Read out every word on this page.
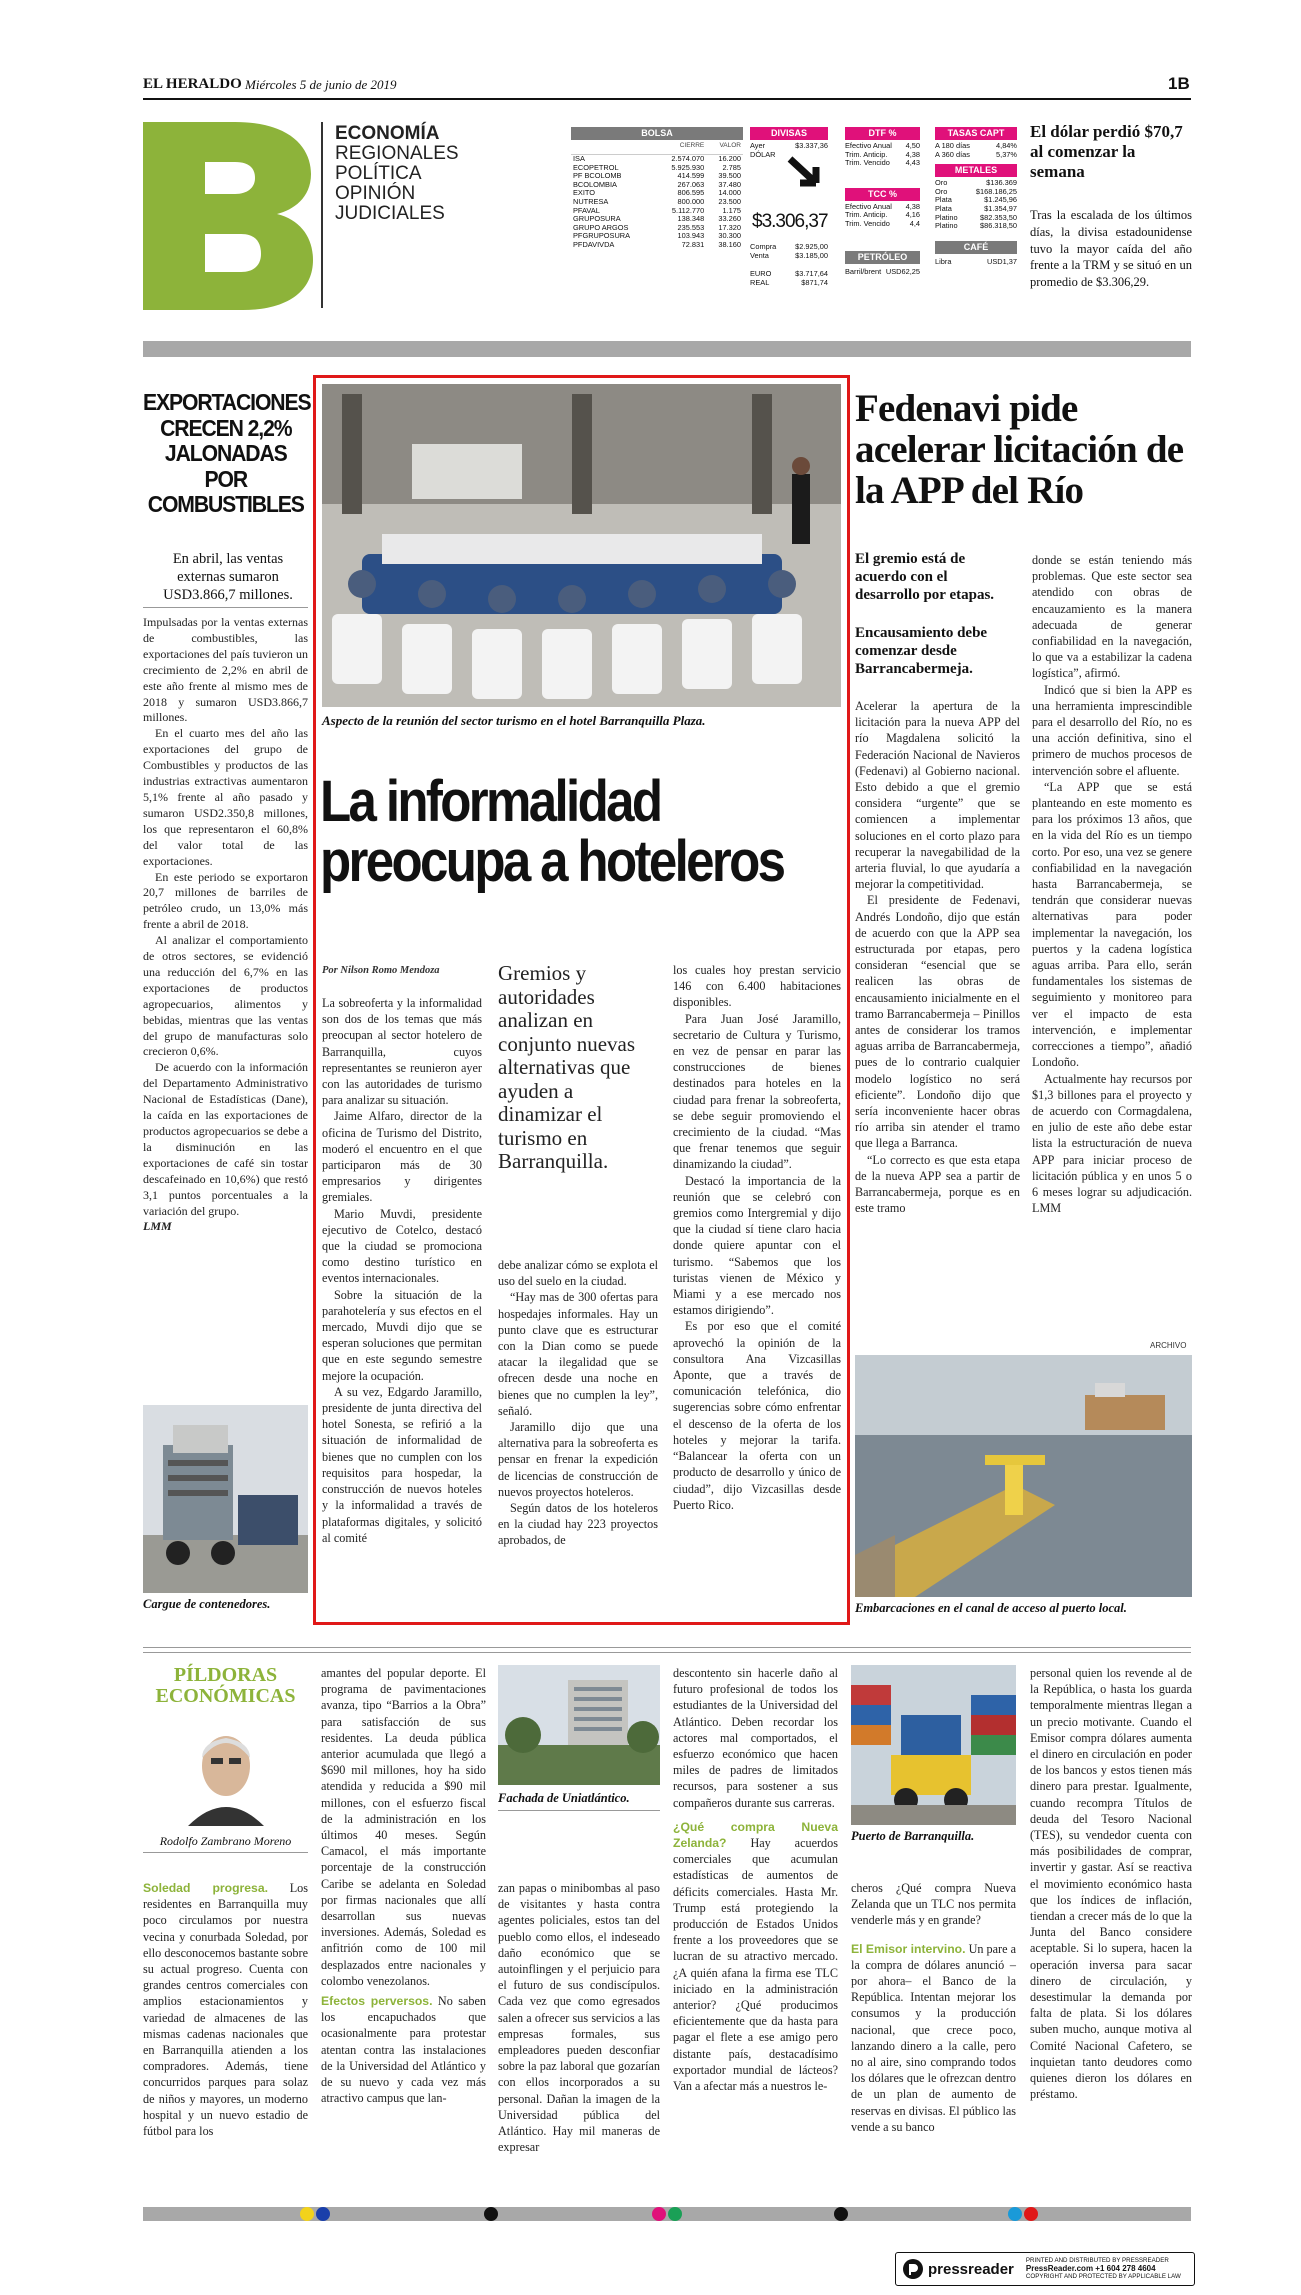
EL HERALDO Miércoles 5 de junio de 2019	1B
ECONOMÍA
REGIONALES
POLÍTICA
OPINIÓN
JUDICIALES
BOLSA
	CIERRE	VALOR

ISA	2.574.070	16.200
ECOPETROL	5.925.930	2.785
PF BCOLOMB	414.599	39.500
BCOLOMBIA	267.063	37.480
EXITO	806.595	14.000
NUTRESA	800.000	23.500
PFAVAL	5.112.770	1.175
GRUPOSURA	138.348	33.260
GRUPO ARGOS	235.553	17.320
PFGRUPOSURA	103.943	30.300
PFDAVIVDA	72.831	38.160
DIVISAS
Ayer	$3.337,36
DÓLAR
$3.306,37
Compra	$2.925,00
Venta	$3.185,00
EURO	$3.717,64
REAL	$871,74
DTF %
Efectivo Anual 4,50
Trim. Anticip. 4,38
Trim. Vencido 4,43
TCC %
Efectivo Anual 4,38
Trim. Anticip. 4,16
Trim. Vencido	4,4
PETRÓLEO
Barril/brent USD62,25
TASAS CAPT
A 180 días	4,84%
A 360 días	5,37%
METALES
Oro	$136.369
Oro	$168.186,25
Plata	$1.245,96
Plata	$1.354,97
Platino	$82.353,50
Platino	$86.318,50
CAFÉ
Libra	USD1,37
El dólar perdió $70,7 al comenzar la semana
Tras la escalada de los últimos días, la divisa estadounidense tuvo la mayor caída del año frente a la TRM y se situó en un promedio de $3.306,29.
EXPORTACIONES CRECEN 2,2% JALONADAS POR COMBUSTIBLES
En abril, las ventas externas sumaron USD3.866,7 millones.

Impulsadas por la ventas externas de combustibles, las exportaciones del país tuvieron un crecimiento de 2,2% en abril de este año frente al mismo mes de 2018 y sumaron USD3.866,7 millones.

En el cuarto mes del año las exportaciones del grupo de Combustibles y productos de las industrias extractivas aumentaron 5,1% frente al año pasado y sumaron USD2.350,8 millones, los que representaron el 60,8% del valor total de las exportaciones.

En este periodo se exportaron 20,7 millones de barriles de petróleo crudo, un 13,0% más frente a abril de 2018.

Al analizar el comportamiento de otros sectores, se evidenció una reducción del 6,7% en las exportaciones de productos agropecuarios, alimentos y bebidas, mientras que las ventas del grupo de manufacturas solo crecieron 0,6%.

De acuerdo con la información del Departamento Administrativo Nacional de Estadísticas (Dane), la caída en las exportaciones de productos agropecuarios se debe a la disminución en las exportaciones de café sin tostar descafeinado en 10,6%) que restó 3,1 puntos porcentuales a la variación del grupo.

LMM

Cargue de contenedores.
Aspecto de la reunión del sector turismo en el hotel Barranquilla Plaza.
La informalidad preocupa a hoteleros
Por Nilson Romo Mendoza

La sobreoferta y la informalidad son dos de los temas que más preocupan al sector hotelero de Barranquilla, cuyos representantes se reunieron ayer con las autoridades de turismo para analizar su situación.

Jaime Alfaro, director de la oficina de Turismo del Distrito, moderó el encuentro en el que participaron más de 30 empresarios y dirigentes gremiales.

Mario Muvdi, presidente ejecutivo de Cotelco, destacó que la ciudad se promociona como destino turístico en eventos internacionales.

Sobre la situación de la parahotelería y sus efectos en el mercado, Muvdi dijo que se esperan soluciones que permitan que en este segundo semestre mejore la ocupación.

A su vez, Edgardo Jaramillo, presidente de junta directiva del hotel Sonesta, se refirió a la situación de informalidad de bienes que no cumplen con los requisitos para hospedar, la construcción de nuevos hoteles y la informalidad a través de plataformas digitales, y solicitó al comité

Gremios y autoridades analizan en conjunto nuevas alternativas que ayuden a dinamizar el turismo en Barranquilla.

debe analizar cómo se explota el uso del suelo en la ciudad.

“Hay mas de 300 ofertas para hospedajes informales. Hay un punto clave que es estructurar con la Dian como se puede atacar la ilegalidad que se ofrecen desde una noche en bienes que no cumplen la ley”, señaló.

Jaramillo dijo que una alternativa para la sobreoferta es pensar en frenar la expedición de licencias de construcción de nuevos proyectos hoteleros.

Según datos de los hoteleros en la ciudad hay 223 proyectos aprobados, de

los cuales hoy prestan servicio 146 con 6.400 habitaciones disponibles.

Para Juan José Jaramillo, secretario de Cultura y Turismo, en vez de pensar en parar las construcciones de bienes destinados para hoteles en la ciudad para frenar la sobreoferta, se debe seguir promoviendo el crecimiento de la ciudad. “Mas que frenar tenemos que seguir dinamizando la ciudad”.

Destacó la importancia de la reunión que se celebró con gremios como Intergremial y dijo que la ciudad sí tiene claro hacia donde quiere apuntar con el turismo. “Sabemos que los turistas vienen de México y Miami y a ese mercado nos estamos dirigiendo”.

Es por eso que el comité aprovechó la opinión de la consultora Ana Vizcasillas Aponte, que a través de comunicación telefónica, dio sugerencias sobre cómo enfrentar el descenso de la oferta de los hoteles y mejorar la tarifa. “Balancear la oferta con un producto de desarrollo y único de ciudad”, dijo Vizcasillas desde Puerto Rico.

Fedenavi pide acelerar licitación de la APP del Río
El gremio está de acuerdo con el desarrollo por etapas.
Encausamiento debe comenzar desde Barrancabermeja.

Acelerar la apertura de la licitación para la nueva APP del río Magdalena solicitó la Federación Nacional de Navieros (Fedenavi) al Gobierno nacional. Esto debido a que el gremio considera “urgente” que se comiencen a implementar soluciones en el corto plazo para recuperar la navegabilidad de la arteria fluvial, lo que ayudaría a mejorar la competitividad.

El presidente de Fedenavi, Andrés Londoño, dijo que están de acuerdo con que la APP sea estructurada por etapas, pero consideran “esencial que se realicen las obras de encausamiento inicialmente en el tramo Barrancabermeja – Pinillos antes de considerar los tramos aguas arriba de Barrancabermeja, pues de lo contrario cualquier modelo logístico no será eficiente”. Londoño dijo que sería inconveniente hacer obras río arriba sin atender el tramo que llega a Barranca.

“Lo correcto es que esta etapa de la nueva APP sea a partir de Barrancabermeja, porque es en este tramo

donde se están teniendo más problemas. Que este sector sea atendido con obras de encauzamiento es la manera adecuada de generar confiabilidad en la navegación, lo que va a estabilizar la cadena logística”, afirmó.

Indicó que si bien la APP es una herramienta imprescindible para el desarrollo del Río, no es una acción definitiva, sino el primero de muchos procesos de intervención sobre el afluente.

“La APP que se está planteando en este momento es para los próximos 13 años, que en la vida del Río es un tiempo corto. Por eso, una vez se genere confiabilidad en la navegación hasta Barrancabermeja, se tendrán que considerar nuevas alternativas para poder implementar la navegación, los puertos y la cadena logística aguas arriba. Para ello, serán fundamentales los sistemas de seguimiento y monitoreo para ver el impacto de esta intervención, e implementar correcciones a tiempo”, añadió Londoño.

Actualmente hay recursos por $1,3 billones para el proyecto y de acuerdo con Cormagdalena, en julio de este año debe estar lista la estructuración de nueva APP para iniciar proceso de licitación pública y en unos 5 o 6 meses lograr su adjudicación. LMM

ARCHIVO
Embarcaciones en el canal de acceso al puerto local.
PÍLDORAS
ECONÓMICAS
Rodolfo Zambrano Moreno
Soledad progresa. Los residentes en Barranquilla muy poco circulamos por nuestra vecina y conurbada Soledad, por ello desconocemos bastante sobre su actual progreso. Cuenta con grandes centros comerciales con amplios estacionamientos y variedad de almacenes de las mismas cadenas nacionales que en Barranquilla atienden a los compradores. Además, tiene concurridos parques para solaz de niños y mayores, un moderno hospital y un nuevo estadio de fútbol para los
amantes del popular deporte. El programa de pavimentaciones avanza, tipo “Barrios a la Obra” para satisfacción de sus residentes. La deuda pública anterior acumulada que llegó a $690 mil millones, hoy ha sido atendida y reducida a $90 mil millones, con el esfuerzo fiscal de la administración en los últimos 40 meses. Según Camacol, el más importante porcentaje de la construcción Caribe se adelanta en Soledad por firmas nacionales que allí desarrollan sus nuevas inversiones. Además, Soledad es anfitrión como de 100 mil desplazados entre nacionales y colombo venezolanos.
Efectos perversos. No saben los encapuchados que ocasionalmente para protestar atentan contra las instalaciones de la Universidad del Atlántico y de su nuevo y cada vez más atractivo campus que lan-
Fachada de Uniatlántico.
zan papas o minibombas al paso de visitantes y hasta contra agentes policiales, estos tan del pueblo como ellos, el indeseado daño económico que se autoinflingen y el perjuicio para el futuro de sus condiscípulos. Cada vez que como egresados salen a ofrecer sus servicios a las empresas formales, sus empleadores pueden desconfiar sobre la paz laboral que gozarían con ellos incorporados a su personal. Dañan la imagen de la Universidad pública del Atlántico. Hay mil maneras de expresar
descontento sin hacerle daño al futuro profesional de todos los estudiantes de la Universidad del Atlántico. Deben recordar los actores mal comportados, el esfuerzo económico que hacen miles de padres de limitados recursos, para sostener a sus compañeros durante sus carreras.
¿Qué compra Nueva Zelanda? Hay acuerdos comerciales que acumulan estadísticas de aumentos de déficits comerciales. Hasta Mr. Trump está protegiendo la producción de Estados Unidos frente a los proveedores que se lucran de su atractivo mercado. ¿A quién afana la firma ese TLC iniciado en la administración anterior? ¿Qué producimos eficientemente que da hasta para pagar el flete a ese amigo pero distante país, destacadísimo exportador mundial de lácteos? Van a afectar más a nuestros le-
Puerto de Barranquilla.
cheros ¿Qué compra Nueva Zelanda que un TLC nos permita venderle más y en grande?
El Emisor intervino. Un pare a la compra de dólares anunció –por ahora– el Banco de la República. Intentan mejorar los consumos y la producción nacional, que crece poco, lanzando dinero a la calle, pero no al aire, sino comprando todos los dólares que le ofrezcan dentro de un plan de aumento de reservas en divisas. El público las vende a su banco
personal quien los revende al de la República, o hasta los guarda temporalmente mientras llegan a un precio motivante. Cuando el Emisor compra dólares aumenta el dinero en circulación en poder de los bancos y estos tienen más dinero para prestar. Igualmente, cuando recompra Títulos de deuda del Tesoro Nacional (TES), su vendedor cuenta con más posibilidades de comprar, invertir y gastar. Así se reactiva el movimiento económico hasta que los índices de inflación, tiendan a crecer más de lo que la Junta del Banco considere aceptable. Si lo supera, hacen la operación inversa para sacar dinero de circulación, y desestimular la demanda por falta de plata. Si los dólares suben mucho, aunque motiva al Comité Nacional Cafetero, se inquietan tanto deudores como quienes dieron los dólares en préstamo.
pressreader PRINTED AND DISTRIBUTED BY PRESSREADER
PressReader.com +1 604 278 4604
COPYRIGHT AND PROTECTED BY APPLICABLE LAW
